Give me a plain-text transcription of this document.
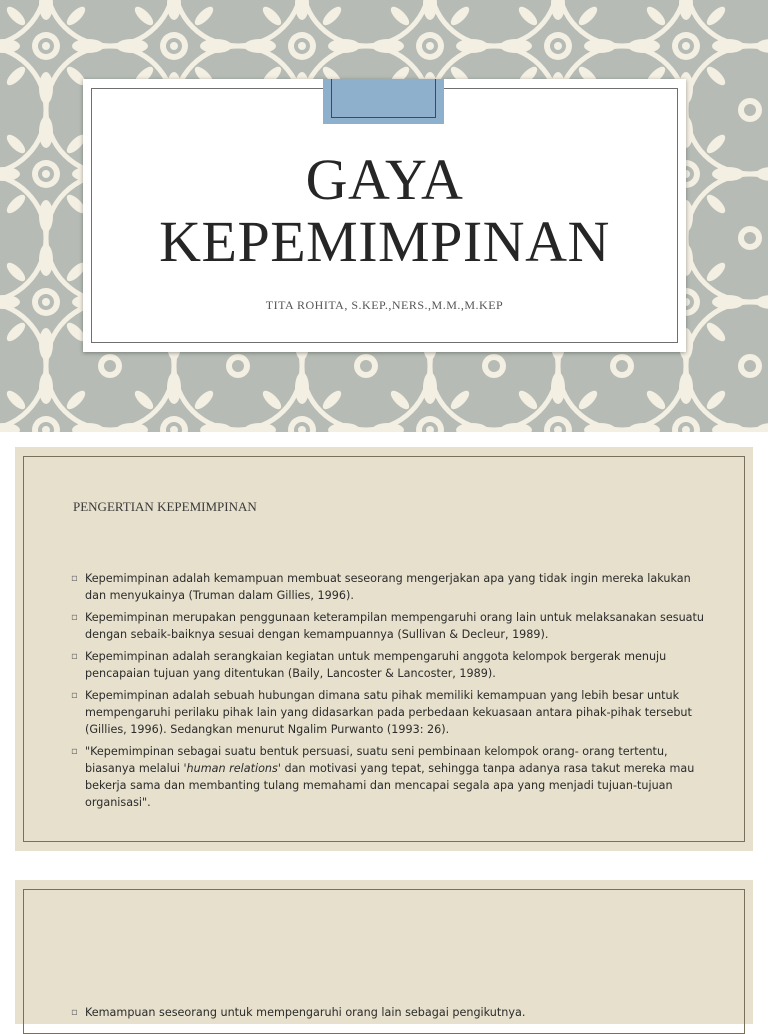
GAYA
KEPEMIMPINAN
TITA ROHITA, S.KEP.,NERS.,M.M.,M.KEP
PENGERTIAN KEPEMIMPINAN
▫ Kepemimpinan adalah kemampuan membuat seseorang mengerjakan apa yang tidak ingin mereka lakukan dan menyukainya (Truman dalam Gillies, 1996).
▫ Kepemimpinan merupakan penggunaan keterampilan mempengaruhi orang lain untuk melaksanakan sesuatu dengan sebaik-baiknya sesuai dengan kemampuannya (Sullivan & Decleur, 1989).
▫ Kepemimpinan adalah serangkaian kegiatan untuk mempengaruhi anggota kelompok bergerak menuju pencapaian tujuan yang ditentukan (Baily, Lancoster & Lancoster, 1989).
▫ Kepemimpinan adalah sebuah hubungan dimana satu pihak memiliki kemampuan yang lebih besar untuk mempengaruhi perilaku pihak lain yang didasarkan pada perbedaan kekuasaan antara pihak-pihak tersebut (Gillies, 1996). Sedangkan menurut Ngalim Purwanto (1993: 26).
▫ "Kepemimpinan sebagai suatu bentuk persuasi, suatu seni pembinaan kelompok orang- orang tertentu, biasanya melalui 'human relations' dan motivasi yang tepat, sehingga tanpa adanya rasa takut mereka mau bekerja sama dan membanting tulang memahami dan mencapai segala apa yang menjadi tujuan-tujuan organisasi".
▫ Kemampuan seseorang untuk mempengaruhi orang lain sebagai pengikutnya.
